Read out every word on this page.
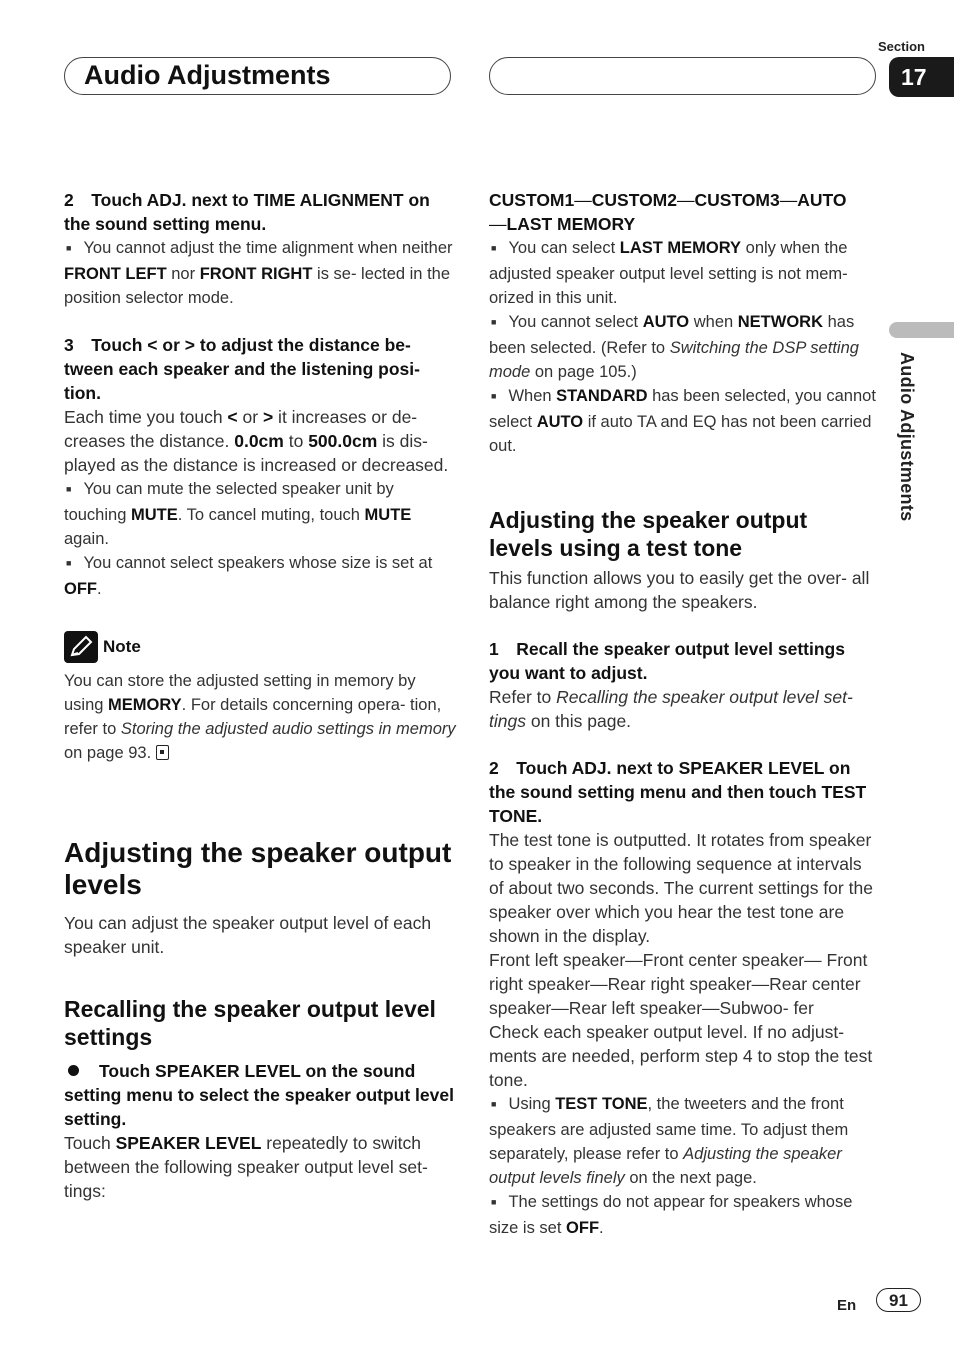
Audio Adjustments
Section
17
Audio Adjustments

2 Touch ADJ. next to TIME ALIGNMENT on the sound setting menu.

■ You cannot adjust the time alignment when neither FRONT LEFT nor FRONT RIGHT is se- lected in the position selector mode.

3 Touch < or > to adjust the distance be- tween each speaker and the listening posi- tion.

Each time you touch < or > it increases or de- creases the distance. 0.0cm to 500.0cm is dis- played as the distance is increased or decreased.

■ You can mute the selected speaker unit by touching MUTE. To cancel muting, touch MUTE again.

■ You cannot select speakers whose size is set at OFF.

Note

You can store the adjusted setting in memory by using MEMORY. For details concerning opera- tion, refer to Storing the adjusted audio settings in memory on page 93.

Adjusting the speaker output levels

You can adjust the speaker output level of each speaker unit.

Recalling the speaker output level settings

Touch SPEAKER LEVEL on the sound setting menu to select the speaker output level setting.

Touch SPEAKER LEVEL repeatedly to switch between the following speaker output level set- tings:

CUSTOM1—CUSTOM2—CUSTOM3—AUTO
—LAST MEMORY

■ You can select LAST MEMORY only when the adjusted speaker output level setting is not mem- orized in this unit.

■ You cannot select AUTO when NETWORK has been selected. (Refer to Switching the DSP setting mode on page 105.)

■ When STANDARD has been selected, you cannot select AUTO if auto TA and EQ has not been carried out.

Adjusting the speaker output levels using a test tone

This function allows you to easily get the over- all balance right among the speakers.

1 Recall the speaker output level settings you want to adjust.

Refer to Recalling the speaker output level set- tings on this page.

2 Touch ADJ. next to SPEAKER LEVEL on the sound setting menu and then touch TEST TONE.

The test tone is outputted. It rotates from speaker to speaker in the following sequence at intervals of about two seconds. The current settings for the speaker over which you hear the test tone are shown in the display.

Front left speaker—Front center speaker— Front right speaker—Rear right speaker—Rear center speaker—Rear left speaker—Subwoo- fer

Check each speaker output level. If no adjust- ments are needed, perform step 4 to stop the test tone.

■ Using TEST TONE, the tweeters and the front speakers are adjusted same time. To adjust them separately, please refer to Adjusting the speaker output levels finely on the next page.

■ The settings do not appear for speakers whose size is set OFF.

En	91
